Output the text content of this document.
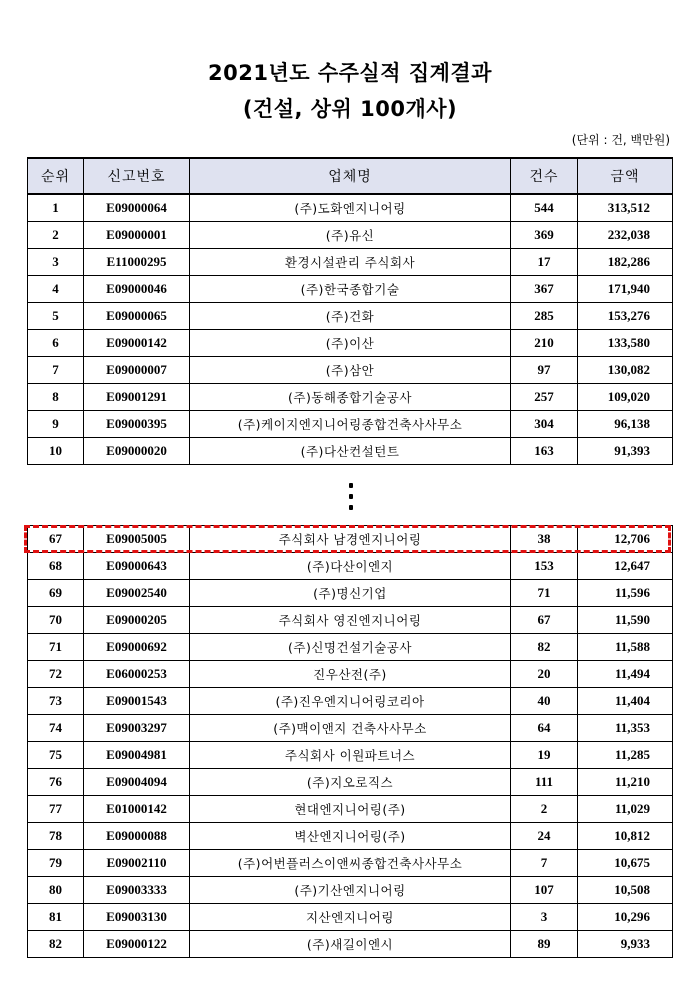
2021년도 수주실적 집계결과
(건설, 상위 100개사)
(단위 : 건, 백만원)
순위	신고번호	업체명	건수	금액
1	E09000064	(주)도화엔지니어링	544	313,512
2	E09000001	(주)유신	369	232,038
3	E11000295	환경시설관리 주식회사	17	182,286
4	E09000046	(주)한국종합기술	367	171,940
5	E09000065	(주)건화	285	153,276
6	E09000142	(주)이산	210	133,580
7	E09000007	(주)삼안	97	130,082
8	E09001291	(주)동해종합기술공사	257	109,020
9	E09000395	(주)케이지엔지니어링종합건축사사무소	304	96,138
10	E09000020	(주)다산컨설턴트	163	91,393
67	E09005005	주식회사 남경엔지니어링	38	12,706
68	E09000643	(주)다산이엔지	153	12,647
69	E09002540	(주)명신기업	71	11,596
70	E09000205	주식회사 영진엔지니어링	67	11,590
71	E09000692	(주)신명건설기술공사	82	11,588
72	E06000253	진우산전(주)	20	11,494
73	E09001543	(주)진우엔지니어링코리아	40	11,404
74	E09003297	(주)맥이앤지 건축사사무소	64	11,353
75	E09004981	주식회사 이원파트너스	19	11,285
76	E09004094	(주)지오로직스	111	11,210
77	E01000142	현대엔지니어링(주)	2	11,029
78	E09000088	벽산엔지니어링(주)	24	10,812
79	E09002110	(주)어번플러스이앤씨종합건축사사무소	7	10,675
80	E09003333	(주)기산엔지니어링	107	10,508
81	E09003130	지산엔지니어링	3	10,296
82	E09000122	(주)새길이엔시	89	9,933
